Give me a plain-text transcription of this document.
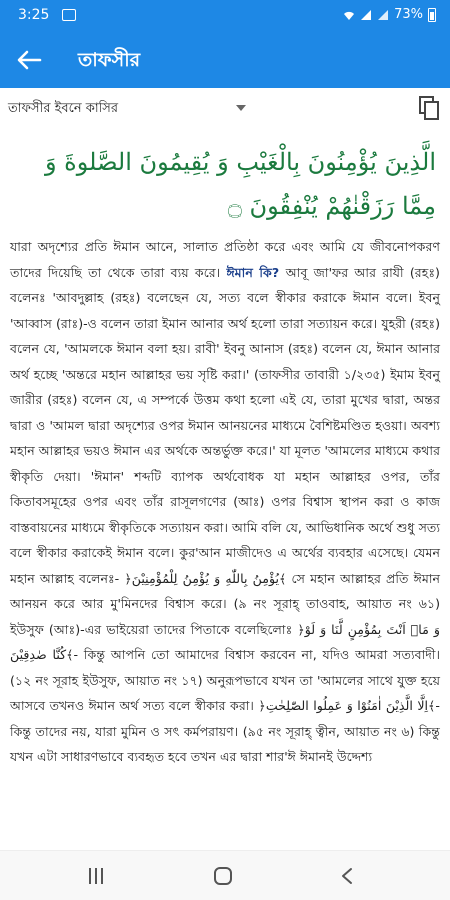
3:25	73%
তাফসীর
তাফসীর ইবনে কাসির
الَّذِينَ يُؤْمِنُونَ بِالْغَيْبِ وَ يُقِيمُونَ الصَّلوةَ وَ مِمَّا رَزَقْنٰهُمْ يُنْفِقُونَ ۝
যারা অদৃশ্যের প্রতি ঈমান আনে, সালাত প্রতিষ্ঠা করে এবং আমি যে জীবনোপকরণ তাদের দিয়েছি তা থেকে তারা ব্যয় করে। ঈমান কি? আবূ জা'ফর আর রাযী (রহঃ) বলেনঃ 'আবদুল্লাহ (রহঃ) বলেছেন যে, সত্য বলে স্বীকার করাকে ঈমান বলে। ইবনু 'আব্বাস (রাঃ)-ও বলেন তারা ইমান আনার অর্থ হলো তারা সত্যায়ন করে। যুহরী (রহঃ) বলেন যে, 'আমলকে ঈমান বলা হয়। রাবী' ইবনু আনাস (রহঃ) বলেন যে, ঈমান আনার অর্থ হচ্ছে 'অন্তরে মহান আল্লাহর ভয় সৃষ্টি করা।' (তাফসীর তাবারী ১/২৩৫) ইমাম ইবনু জারীর (রহঃ) বলেন যে, এ সম্পর্কে উত্তম কথা হলো এই যে, তারা মুখের দ্বারা, অন্তর দ্বারা ও 'আমল দ্বারা অদৃশ্যের ওপর ঈমান আনয়নের মাধ্যমে বৈশিষ্টমণ্ডিত হওয়া। অবশ্য মহান আল্লাহর ভয়ও ঈমান এর অর্থকে অন্তর্ভুক্ত করে।' যা মূলত 'আমলের মাধ্যমে কথার স্বীকৃতি দেয়া। 'ঈমান' শব্দটি ব্যাপক অর্থবোধক যা মহান আল্লাহর ওপর, তাঁর কিতাবসমূহের ওপর এবং তাঁর রাসূলগণের (আঃ) ওপর বিশ্বাস স্থাপন করা ও কাজ বাস্তবায়নের মাধ্যমে স্বীকৃতিকে সত্যায়ন করা। আমি বলি যে, আভিধানিক অর্থে শুধু সত্য বলে স্বীকার করাকেই ঈমান বলে। কুর'আন মাজীদেও এ অর্থের ব্যবহার এসেছে। যেমন মহান আল্লাহ বলেনঃ- ﴿يُؤْمِنُ بِاللّٰهِ وَ يُؤْمِنُ لِلْمُؤْمِنِيْنَ﴾ সে মহান আল্লাহর প্রতি ঈমান আনয়ন করে আর মু'মিনদের বিশ্বাস করে। (৯ নং সূরাহ্ তাওবাহ, আয়াত নং ৬১) ইউসুফ (আঃ)-এর ভাইয়েরা তাদের পিতাকে বলেছিলোঃ ﴿وَ مَاۤ اَنْتَ بِمُؤْمِنٍ لَّنَا وَ لَوْ كُنَّا صٰدِقِيْنَ﴾- কিন্তু আপনি তো আমাদের বিশ্বাস করবেন না, যদিও আমরা সত্যবাদী। (১২ নং সূরাহ ইউসুফ, আয়াত নং ১৭) অনুরূপভাবে যখন তা 'আমলের সাথে যুক্ত হয়ে আসবে তখনও ঈমান অর্থ সত্য বলে স্বীকার করা। ﴿اِلَّا الَّذِيْنَ اٰمَنُوْا وَ عَمِلُوا الصّٰلِحٰتِ﴾- কিন্তু তাদের নয়, যারা মুমিন ও সৎ কর্মপরায়ণ। (৯৫ নং সূরাহ্ ত্বীন, আয়াত নং ৬) কিন্তু যখন এটা সাধারণভাবে ব্যবহৃত হবে তখন এর দ্বারা শার'ঈ ঈমানই উদ্দেশ্য
